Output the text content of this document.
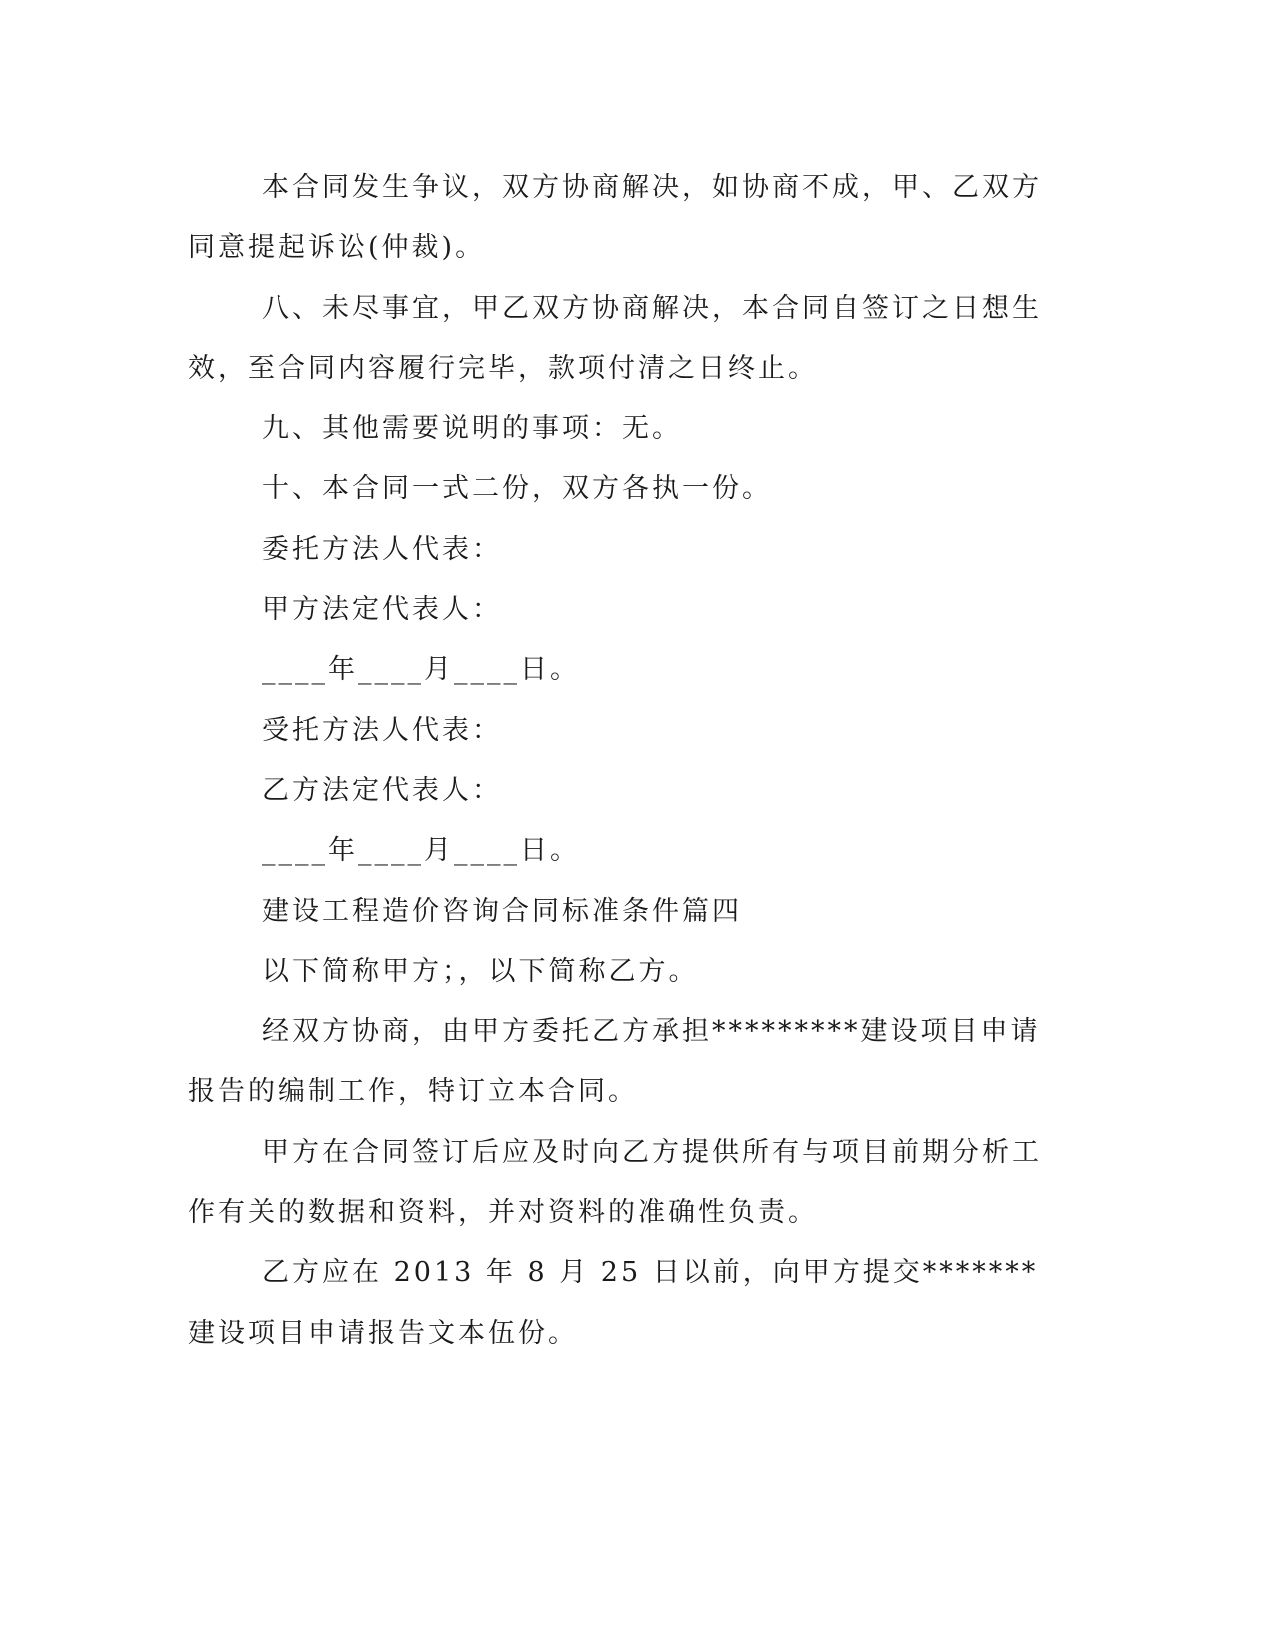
本合同发生争议，双方协商解决，如协商不成，甲、乙双方同意提起诉讼(仲裁)。

八、未尽事宜，甲乙双方协商解决，本合同自签订之日想生效，至合同内容履行完毕，款项付清之日终止。

九、其他需要说明的事项：无。

十、本合同一式二份，双方各执一份。

委托方法人代表：

甲方法定代表人：

____年____月____日。

受托方法人代表：

乙方法定代表人：

____年____月____日。

建设工程造价咨询合同标准条件篇四

以下简称甲方；，以下简称乙方。

经双方协商，由甲方委托乙方承担*********建设项目申请报告的编制工作，特订立本合同。

甲方在合同签订后应及时向乙方提供所有与项目前期分析工作有关的数据和资料，并对资料的准确性负责。

乙方应在 2013 年 8 月 25 日以前，向甲方提交*******建设项目申请报告文本伍份。
